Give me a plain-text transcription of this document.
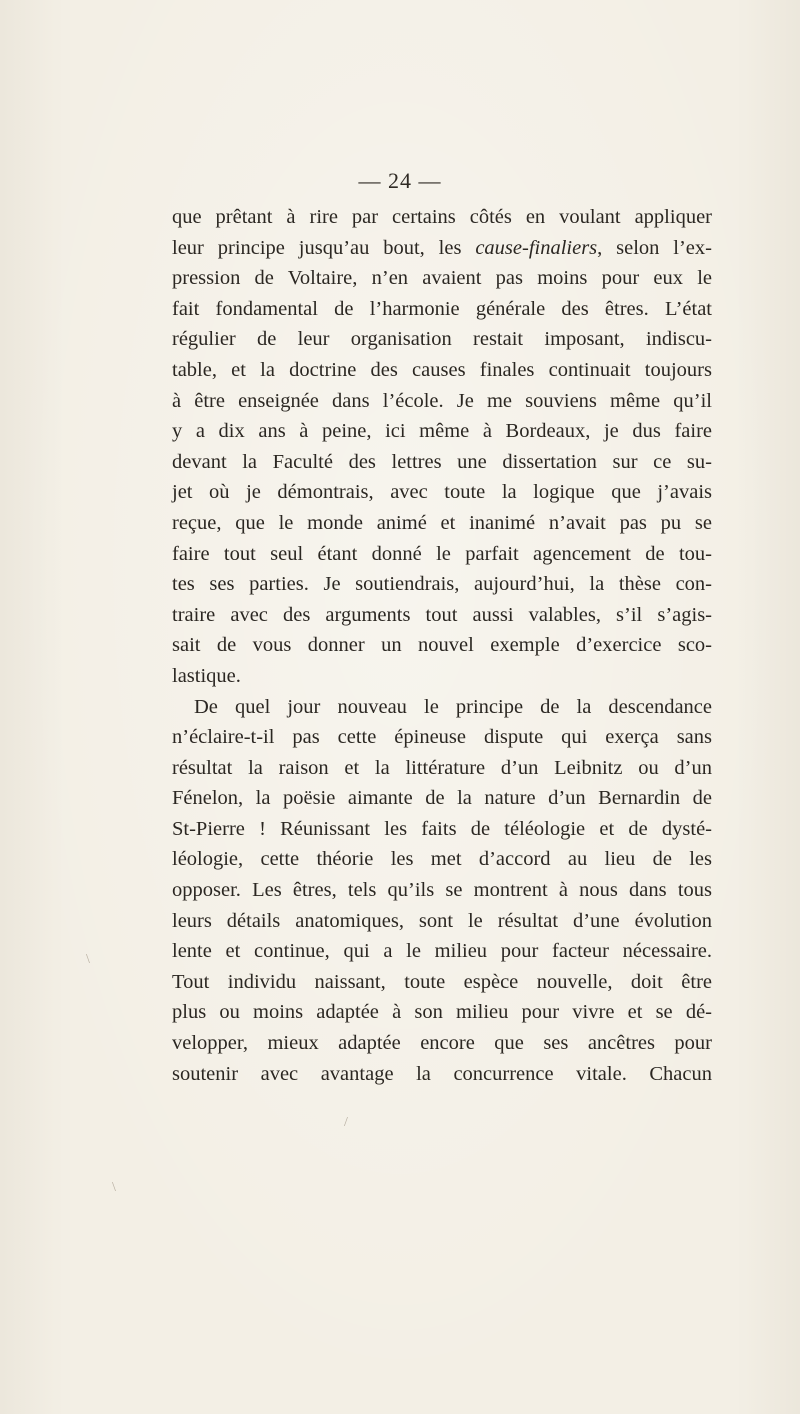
— 24 —
que prêtant à rire par certains côtés en voulant appliquer
leur principe jusqu’au bout, les cause-finaliers, selon l’ex-
pression de Voltaire, n’en avaient pas moins pour eux le
fait fondamental de l’harmonie générale des êtres. L’état
régulier de leur organisation restait imposant, indiscu-
table, et la doctrine des causes finales continuait toujours
à être enseignée dans l’école. Je me souviens même qu’il
y a dix ans à peine, ici même à Bordeaux, je dus faire
devant la Faculté des lettres une dissertation sur ce su-
jet où je démontrais, avec toute la logique que j’avais
reçue, que le monde animé et inanimé n’avait pas pu se
faire tout seul étant donné le parfait agencement de tou-
tes ses parties. Je soutiendrais, aujourd’hui, la thèse con-
traire avec des arguments tout aussi valables, s’il s’agis-
sait de vous donner un nouvel exemple d’exercice sco-
lastique.
De quel jour nouveau le principe de la descendance
n’éclaire-t-il pas cette épineuse dispute qui exerça sans
résultat la raison et la littérature d’un Leibnitz ou d’un
Fénelon, la poësie aimante de la nature d’un Bernardin de
St-Pierre ! Réunissant les faits de téléologie et de dysté-
léologie, cette théorie les met d’accord au lieu de les
opposer. Les êtres, tels qu’ils se montrent à nous dans tous
leurs détails anatomiques, sont le résultat d’une évolution
lente et continue, qui a le milieu pour facteur nécessaire.
Tout individu naissant, toute espèce nouvelle, doit être
plus ou moins adaptée à son milieu pour vivre et se dé-
velopper, mieux adaptée encore que ses ancêtres pour
soutenir avec avantage la concurrence vitale. Chacun
/
\
\
